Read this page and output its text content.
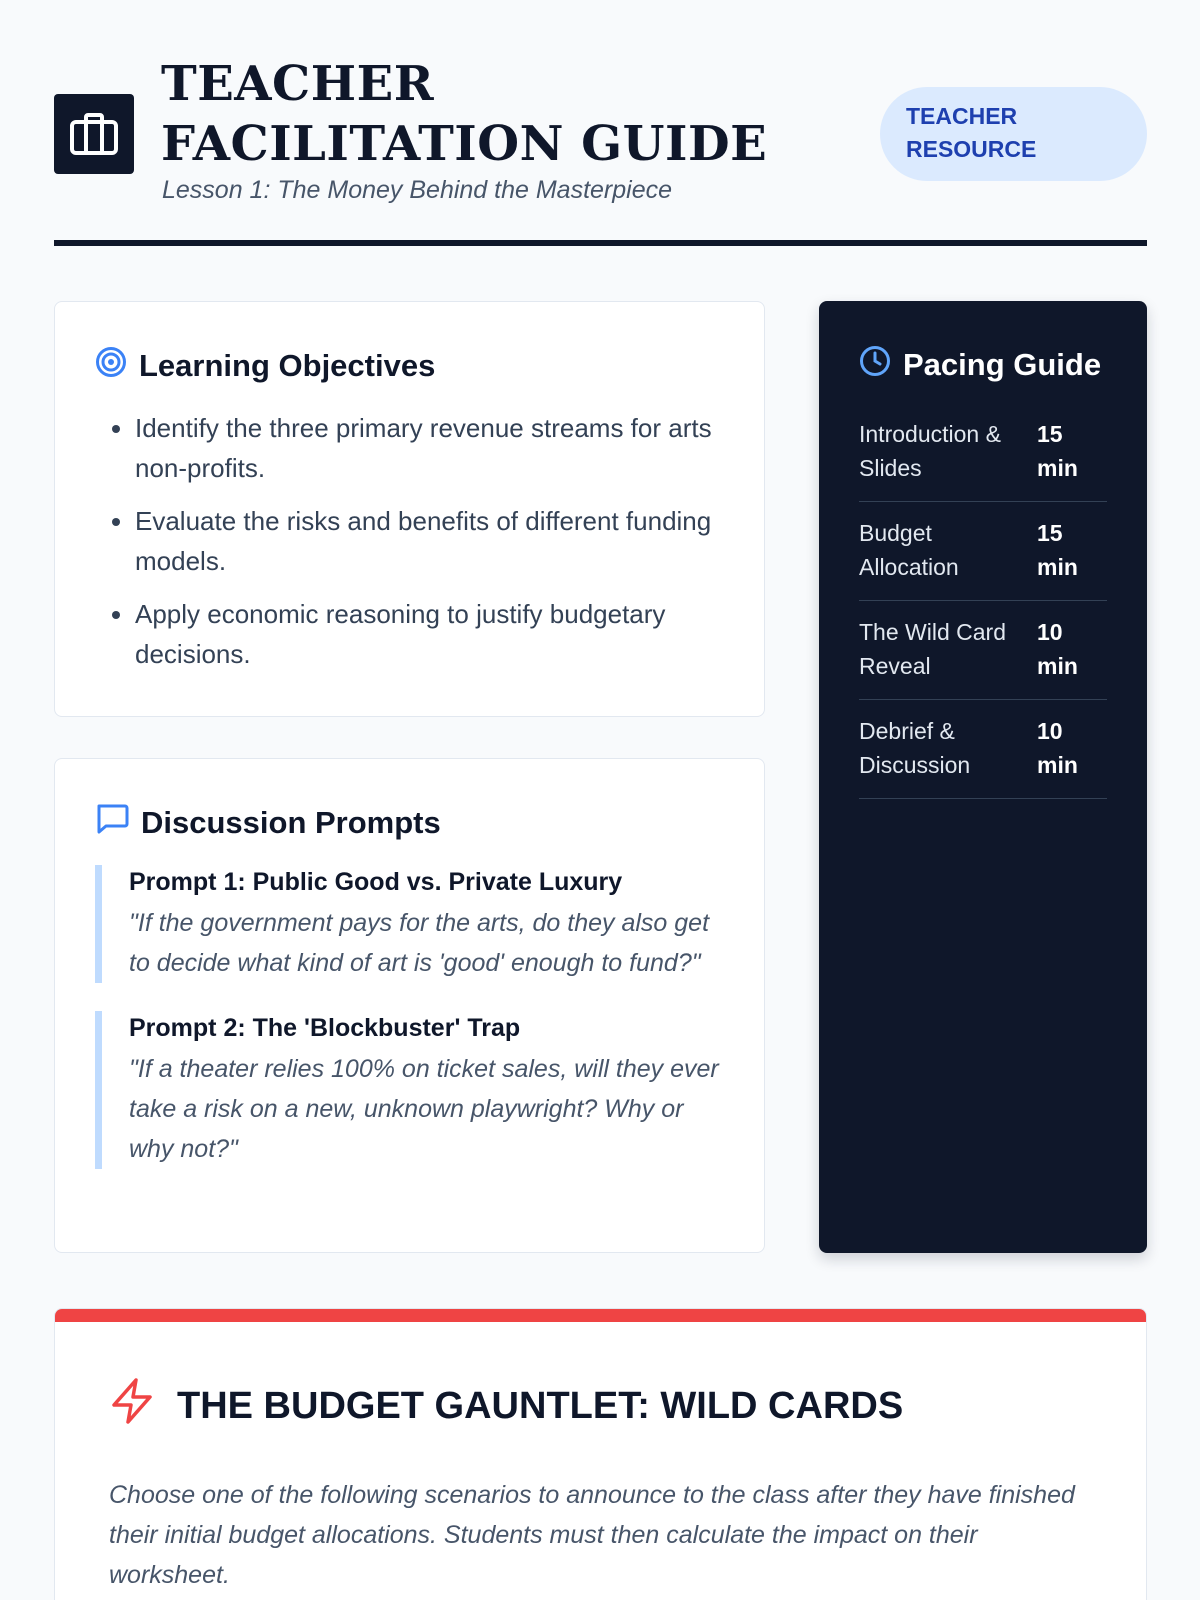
TEACHER FACILITATION GUIDE
Lesson 1: The Money Behind the Masterpiece
TEACHER RESOURCE
Learning Objectives
• Identify the three primary revenue streams for arts non-profits.
• Evaluate the risks and benefits of different funding models.
• Apply economic reasoning to justify budgetary decisions.
Discussion Prompts
Prompt 1: Public Good vs. Private Luxury
"If the government pays for the arts, do they also get to decide what kind of art is 'good' enough to fund?"
Prompt 2: The 'Blockbuster' Trap
"If a theater relies 100% on ticket sales, will they ever take a risk on a new, unknown playwright? Why or why not?"
Pacing Guide
Introduction & Slides
15 min
Budget Allocation
15 min
The Wild Card Reveal
10 min
Debrief & Discussion
10 min
THE BUDGET GAUNTLET: WILD CARDS
Choose one of the following scenarios to announce to the class after they have finished their initial budget allocations. Students must then calculate the impact on their worksheet.
